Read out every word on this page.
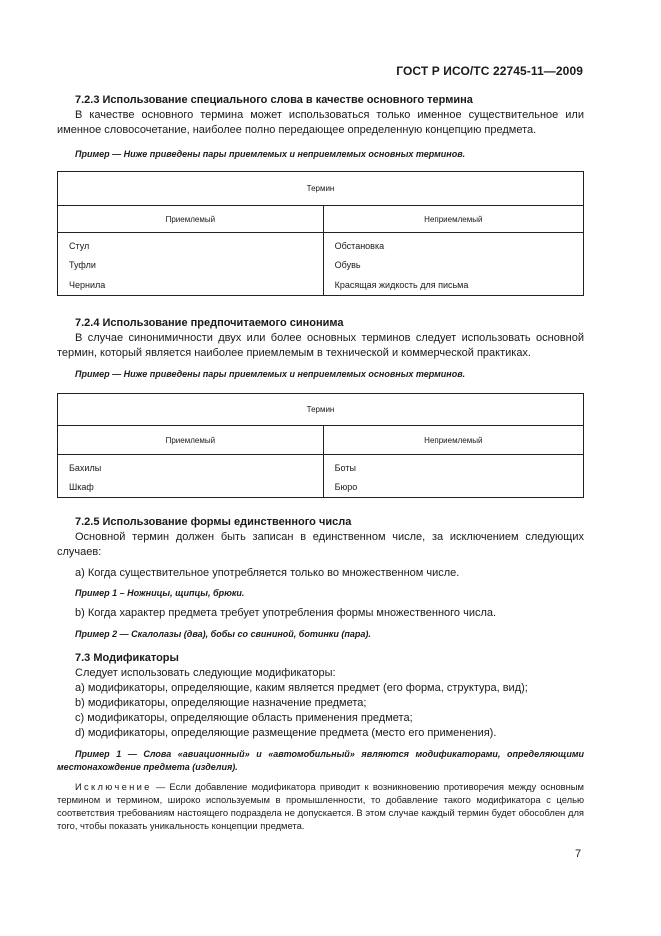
ГОСТ Р ИСО/ТС 22745-11—2009

7.2.3 Использование специального слова в качестве основного термина

В качестве основного термина может использоваться только именное существительное или именное словосочетание, наиболее полно передающее определенную концепцию предмета.

Пример — Ниже приведены пары приемлемых и неприемлемых основных терминов.

Термин	
Приемлемый	Неприемлемый
Стул	Обстановка
Туфли	Обувь
Чернила	Красящая жидкость для письма

7.2.4 Использование предпочитаемого синонима

В случае синонимичности двух или более основных терминов следует использовать основной термин, который является наиболее приемлемым в технической и коммерческой практиках.

Пример — Ниже приведены пары приемлемых и неприемлемых основных терминов.

Термин	
Приемлемый	Неприемлемый
Бахилы	Боты
Шкаф	Бюро

7.2.5 Использование формы единственного числа

Основной термин должен быть записан в единственном числе, за исключением следующих случаев:

a) Когда существительное употребляется только во множественном числе.

Пример 1 – Ножницы, щипцы, брюки.

b) Когда характер предмета требует употребления формы множественного числа.

Пример 2 — Скалолазы (два), бобы со свининой, ботинки (пара).

7.3 Модификаторы

Следует использовать следующие модификаторы:

a) модификаторы, определяющие, каким является предмет (его форма, структура, вид);

b) модификаторы, определяющие назначение предмета;

c) модификаторы, определяющие область применения предмета;

d) модификаторы, определяющие размещение предмета (место его применения).

Пример 1 — Слова «авиационный» и «автомобильный» являются модификаторами, определяющими местонахождение предмета (изделия).

Исключение — Если добавление модификатора приводит к возникновению противоречия между основным термином и термином, широко используемым в промышленности, то добавление такого модификатора с целью соответствия требованиям настоящего подраздела не допускается. В этом случае каждый термин будет обособлен для того, чтобы показать уникальность концепции предмета.

7
